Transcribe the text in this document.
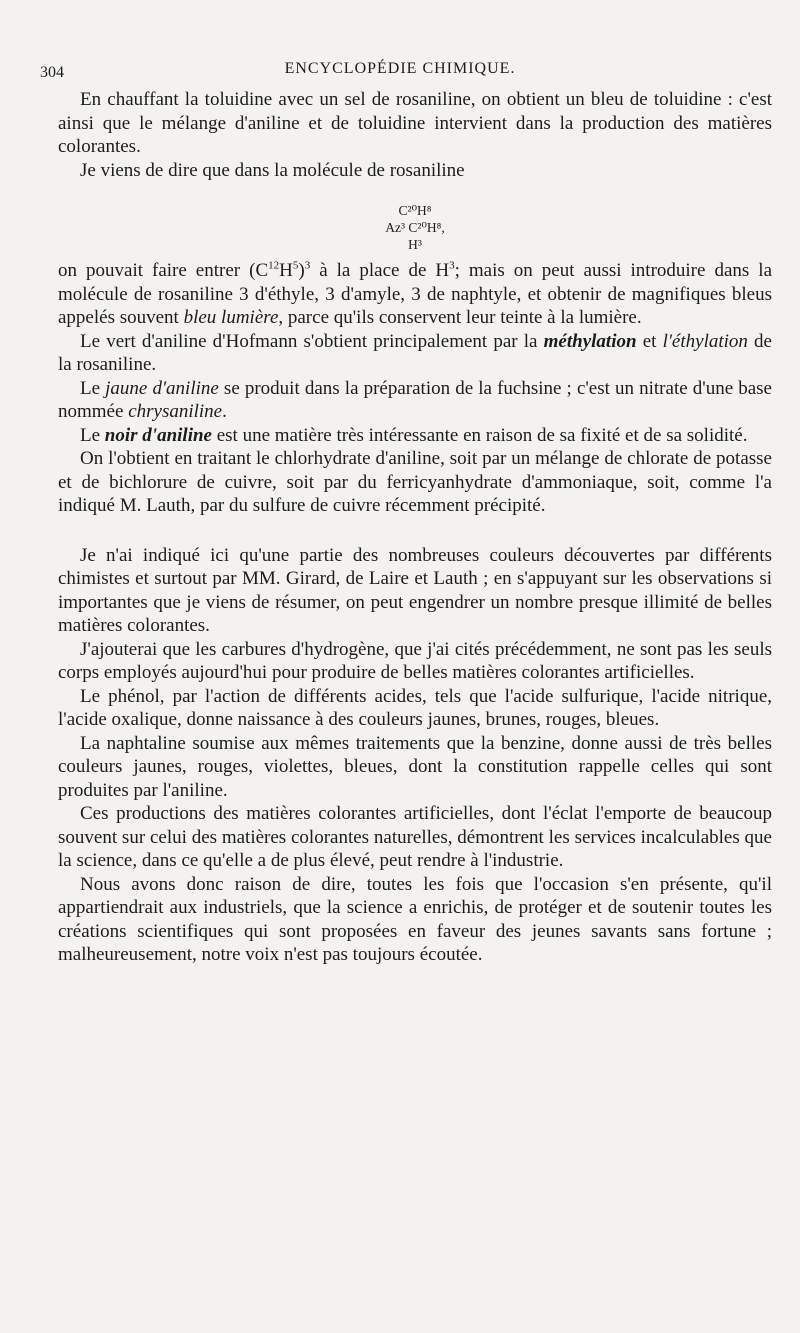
304	ENCYCLOPÉDIE CHIMIQUE.

En chauffant la toluidine avec un sel de rosaniline, on obtient un bleu de toluidine : c'est ainsi que le mélange d'aniline et de toluidine intervient dans la production des matières colorantes.

Je viens de dire que dans la molécule de rosaniline

C²⁰H⁸
Az³ C²⁰H⁸,
H³

on pouvait faire entrer $(C^{12}H^5)^3$ à la place de $H^3$; mais on peut aussi introduire dans la molécule de rosaniline 3 d'éthyle, 3 d'amyle, 3 de naphtyle, et obtenir de magnifiques bleus appelés souvent bleu lumière, parce qu'ils conservent leur teinte à la lumière.

Le vert d'aniline d'Hofmann s'obtient principalement par la méthylation et l'éthylation de la rosaniline.

Le jaune d'aniline se produit dans la préparation de la fuchsine ; c'est un nitrate d'une base nommée chrysaniline.

Le noir d'aniline est une matière très intéressante en raison de sa fixité et de sa solidité.

On l'obtient en traitant le chlorhydrate d'aniline, soit par un mélange de chlorate de potasse et de bichlorure de cuivre, soit par du ferricyanhydrate d'ammoniaque, soit, comme l'a indiqué M. Lauth, par du sulfure de cuivre récemment précipité.

Je n'ai indiqué ici qu'une partie des nombreuses couleurs découvertes par différents chimistes et surtout par MM. Girard, de Laire et Lauth ; en s'appuyant sur les observations si importantes que je viens de résumer, on peut engendrer un nombre presque illimité de belles matières colorantes.

J'ajouterai que les carbures d'hydrogène, que j'ai cités précédemment, ne sont pas les seuls corps employés aujourd'hui pour produire de belles matières colorantes artificielles.

Le phénol, par l'action de différents acides, tels que l'acide sulfurique, l'acide nitrique, l'acide oxalique, donne naissance à des couleurs jaunes, brunes, rouges, bleues.

La naphtaline soumise aux mêmes traitements que la benzine, donne aussi de très belles couleurs jaunes, rouges, violettes, bleues, dont la constitution rappelle celles qui sont produites par l'aniline.

Ces productions des matières colorantes artificielles, dont l'éclat l'emporte de beaucoup souvent sur celui des matières colorantes naturelles, démontrent les services incalculables que la science, dans ce qu'elle a de plus élevé, peut rendre à l'industrie.

Nous avons donc raison de dire, toutes les fois que l'occasion s'en présente, qu'il appartiendrait aux industriels, que la science a enrichis, de protéger et de soutenir toutes les créations scientifiques qui sont proposées en faveur des jeunes savants sans fortune ; malheureusement, notre voix n'est pas toujours écoutée.
